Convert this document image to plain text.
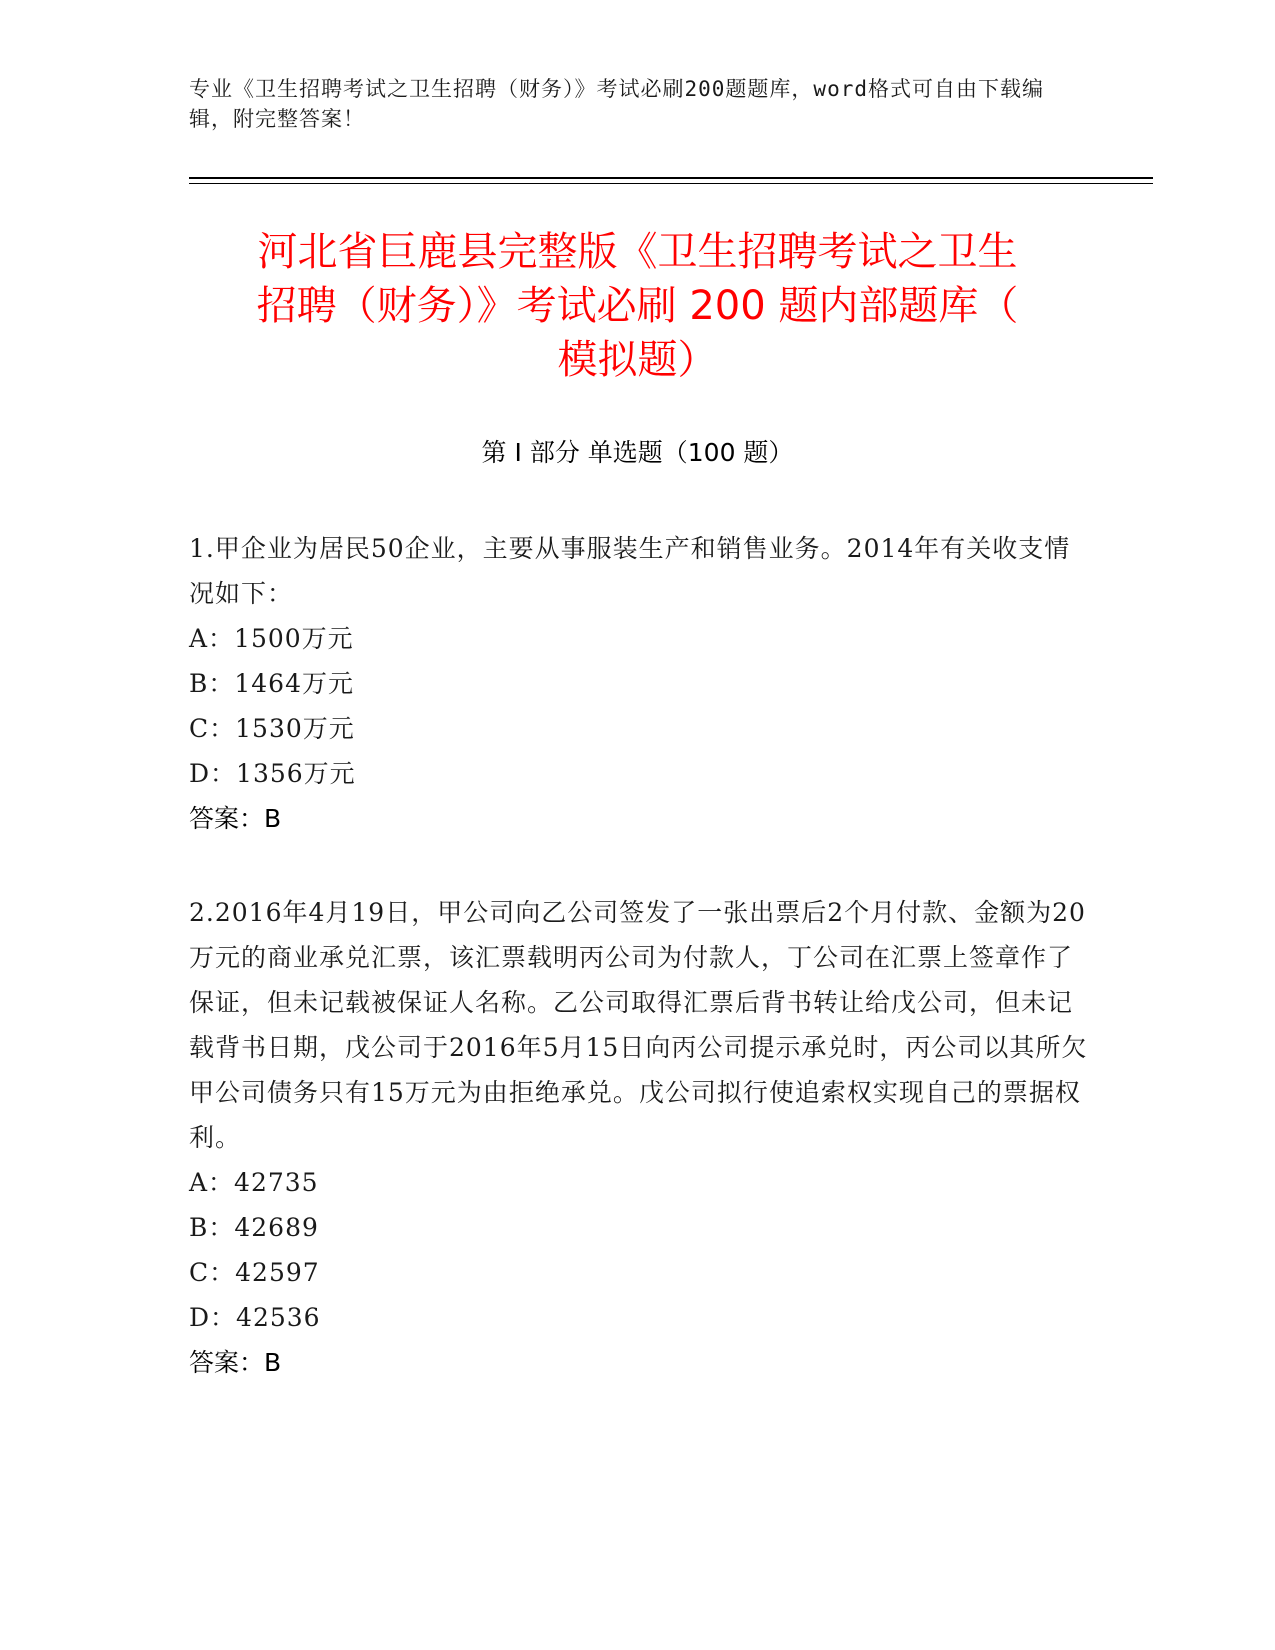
专业《卫生招聘考试之卫生招聘（财务）》考试必刷200题题库，word格式可自由下载编辑，附完整答案！
河北省巨鹿县完整版《卫生招聘考试之卫生
招聘（财务）》考试必刷 200 题内部题库（
模拟题）
第 I 部分 单选题（100 题）
1.甲企业为居民50企业，主要从事服装生产和销售业务。2014年有关收支情况如下：
A：1500万元
B：1464万元
C：1530万元
D：1356万元
答案：B
2.2016年4月19日，甲公司向乙公司签发了一张出票后2个月付款、金额为20万元的商业承兑汇票，该汇票载明丙公司为付款人，丁公司在汇票上签章作了保证，但未记载被保证人名称。乙公司取得汇票后背书转让给戊公司，但未记载背书日期，戊公司于2016年5月15日向丙公司提示承兑时，丙公司以其所欠甲公司债务只有15万元为由拒绝承兑。戊公司拟行使追索权实现自己的票据权利。
A：42735
B：42689
C：42597
D：42536
答案：B
